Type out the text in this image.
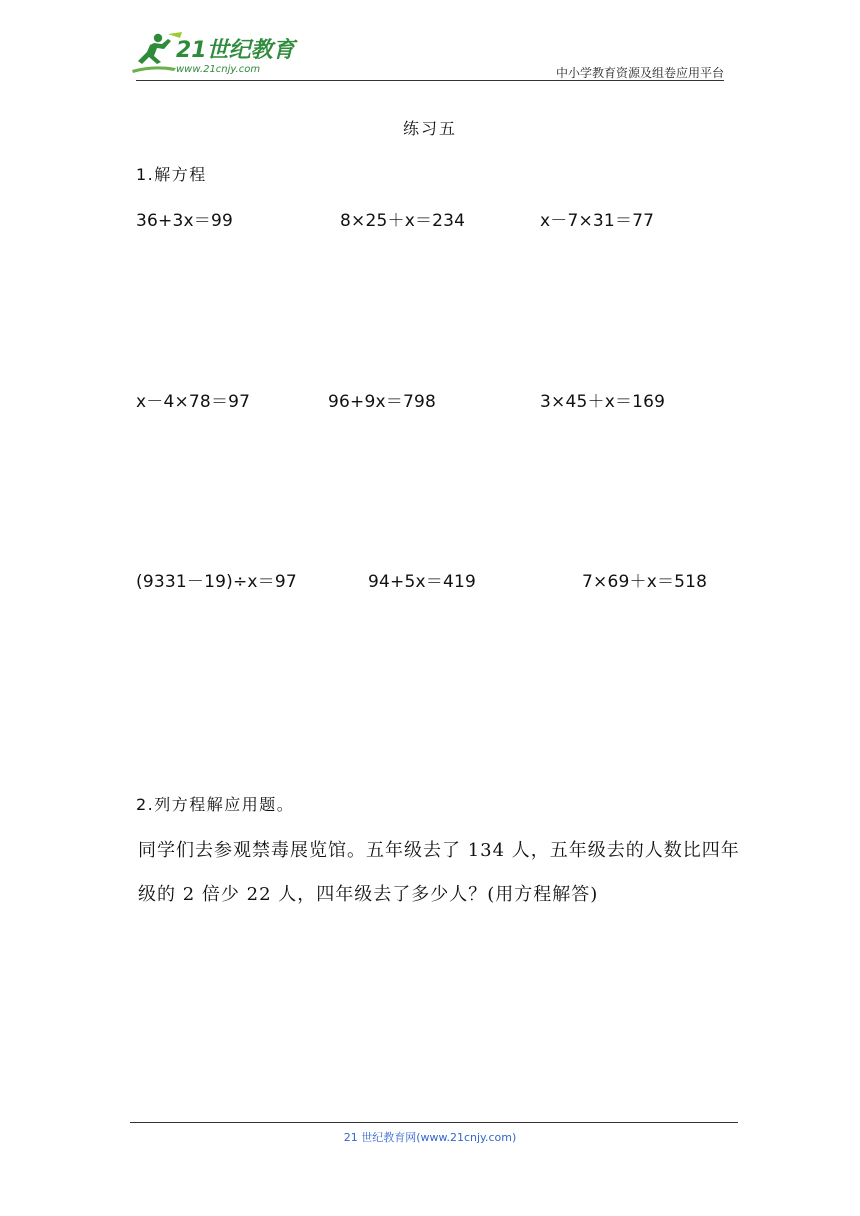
21世纪教育
www.21cnjy.com	中小学教育资源及组卷应用平台
练习五
1.解方程
36+3x＝99	8×25＋x＝234	x－7×31＝77
x－4×78＝97	96+9x＝798	3×45＋x＝169
(9331－19)÷x＝97	94+5x＝419	7×69＋x＝518
2.列方程解应用题。
同学们去参观禁毒展览馆。五年级去了 134 人，五年级去的人数比四年
级的 2 倍少 22 人，四年级去了多少人？(用方程解答)
21 世纪教育网(www.21cnjy.com)
